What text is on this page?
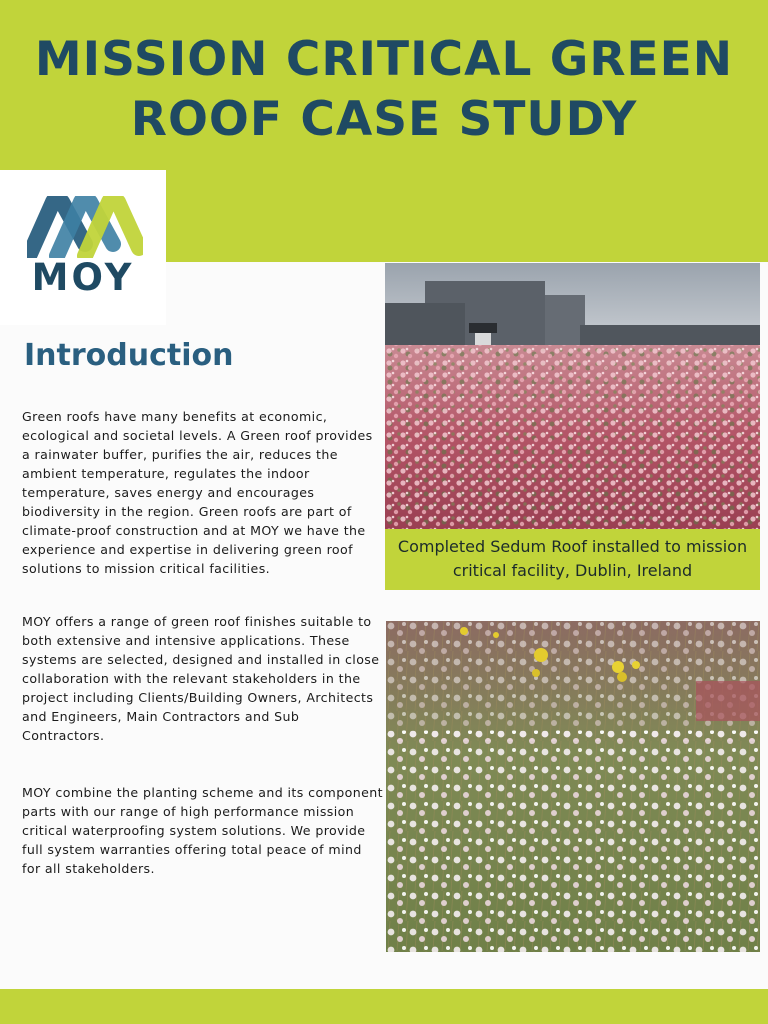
MISSION CRITICAL GREEN
ROOF CASE STUDY
MOY
Introduction

Green roofs have many benefits at economic, ecological and societal levels. A Green roof provides a rainwater buffer, purifies the air, reduces the ambient temperature, regulates the indoor temperature, saves energy and encourages biodiversity in the region. Green roofs are part of climate-proof construction and at MOY we have the experience and expertise in delivering green roof solutions to mission critical facilities.

MOY offers a range of green roof finishes suitable to both extensive and intensive applications. These systems are selected, designed and installed in close collaboration with the relevant stakeholders in the project including Clients/Building Owners, Architects and Engineers, Main Contractors and Sub Contractors.

MOY combine the planting scheme and its component parts with our range of high performance mission critical waterproofing system solutions. We provide full system warranties offering total peace of mind for all stakeholders.

Completed Sedum Roof installed to mission critical facility, Dublin, Ireland
